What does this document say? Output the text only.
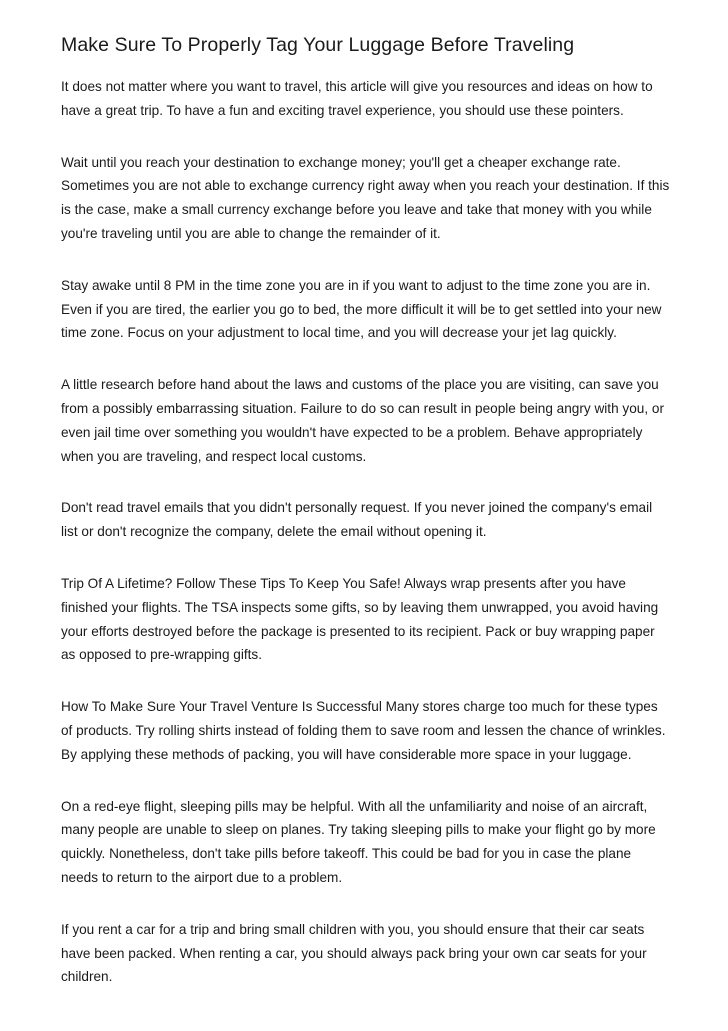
Make Sure To Properly Tag Your Luggage Before Traveling

It does not matter where you want to travel, this article will give you resources and ideas on how to have a great trip. To have a fun and exciting travel experience, you should use these pointers.

Wait until you reach your destination to exchange money; you'll get a cheaper exchange rate. Sometimes you are not able to exchange currency right away when you reach your destination. If this is the case, make a small currency exchange before you leave and take that money with you while you're traveling until you are able to change the remainder of it.

Stay awake until 8 PM in the time zone you are in if you want to adjust to the time zone you are in. Even if you are tired, the earlier you go to bed, the more difficult it will be to get settled into your new time zone. Focus on your adjustment to local time, and you will decrease your jet lag quickly.

A little research before hand about the laws and customs of the place you are visiting, can save you from a possibly embarrassing situation. Failure to do so can result in people being angry with you, or even jail time over something you wouldn't have expected to be a problem. Behave appropriately when you are traveling, and respect local customs.

Don't read travel emails that you didn't personally request. If you never joined the company's email list or don't recognize the company, delete the email without opening it.

Trip Of A Lifetime? Follow These Tips To Keep You Safe! Always wrap presents after you have finished your flights. The TSA inspects some gifts, so by leaving them unwrapped, you avoid having your efforts destroyed before the package is presented to its recipient. Pack or buy wrapping paper as opposed to pre-wrapping gifts.

How To Make Sure Your Travel Venture Is Successful Many stores charge too much for these types of products. Try rolling shirts instead of folding them to save room and lessen the chance of wrinkles. By applying these methods of packing, you will have considerable more space in your luggage.

On a red-eye flight, sleeping pills may be helpful. With all the unfamiliarity and noise of an aircraft, many people are unable to sleep on planes. Try taking sleeping pills to make your flight go by more quickly. Nonetheless, don't take pills before takeoff. This could be bad for you in case the plane needs to return to the airport due to a problem.

If you rent a car for a trip and bring small children with you, you should ensure that their car seats have been packed. When renting a car, you should always pack bring your own car seats for your children.
